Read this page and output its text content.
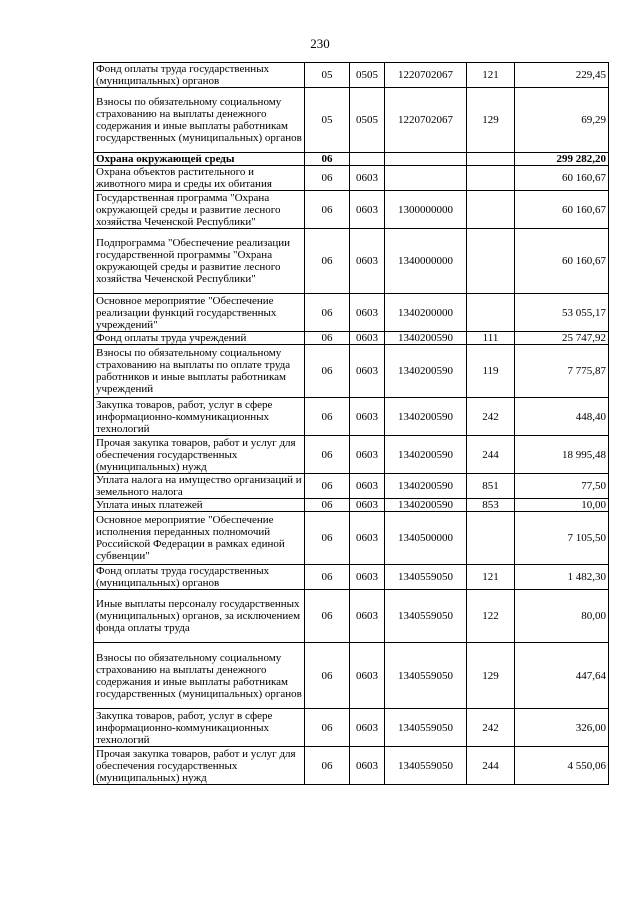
230
Фонд оплаты труда государственных (муниципальных) органов	05	0505	1220702067	121	229,45
Взносы по обязательному социальному страхованию на выплаты денежного содержания и иные выплаты работникам государственных (муниципальных) органов	05	0505	1220702067	129	69,29
Охрана окружающей среды	06				299 282,20
Охрана объектов растительного и животного мира и среды их обитания	06	0603			60 160,67
Государственная программа "Охрана окружающей среды и развитие лесного хозяйства Чеченской Республики"	06	0603	1300000000		60 160,67
Подпрограмма "Обеспечение реализации государственной программы "Охрана окружающей среды и развитие лесного хозяйства Чеченской Республики"	06	0603	1340000000		60 160,67
Основное мероприятие "Обеспечение реализации функций государственных учреждений"	06	0603	1340200000		53 055,17
Фонд оплаты труда учреждений	06	0603	1340200590	111	25 747,92
Взносы по обязательному социальному страхованию на выплаты по оплате труда работников и иные выплаты работникам учреждений	06	0603	1340200590	119	7 775,87
Закупка товаров, работ, услуг в сфере информационно-коммуникационных технологий	06	0603	1340200590	242	448,40
Прочая закупка товаров, работ и услуг для обеспечения государственных (муниципальных) нужд	06	0603	1340200590	244	18 995,48
Уплата налога на имущество организаций и земельного налога	06	0603	1340200590	851	77,50
Уплата иных платежей	06	0603	1340200590	853	10,00
Основное мероприятие "Обеспечение исполнения переданных полномочий Российской Федерации в рамках единой субвенции"	06	0603	1340500000		7 105,50
Фонд оплаты труда государственных (муниципальных) органов	06	0603	1340559050	121	1 482,30
Иные выплаты персоналу государственных (муниципальных) органов, за исключением фонда оплаты труда	06	0603	1340559050	122	80,00
Взносы по обязательному социальному страхованию на выплаты денежного содержания и иные выплаты работникам государственных (муниципальных) органов	06	0603	1340559050	129	447,64
Закупка товаров, работ, услуг в сфере информационно-коммуникационных технологий	06	0603	1340559050	242	326,00
Прочая закупка товаров, работ и услуг для обеспечения государственных (муниципальных) нужд	06	0603	1340559050	244	4 550,06
